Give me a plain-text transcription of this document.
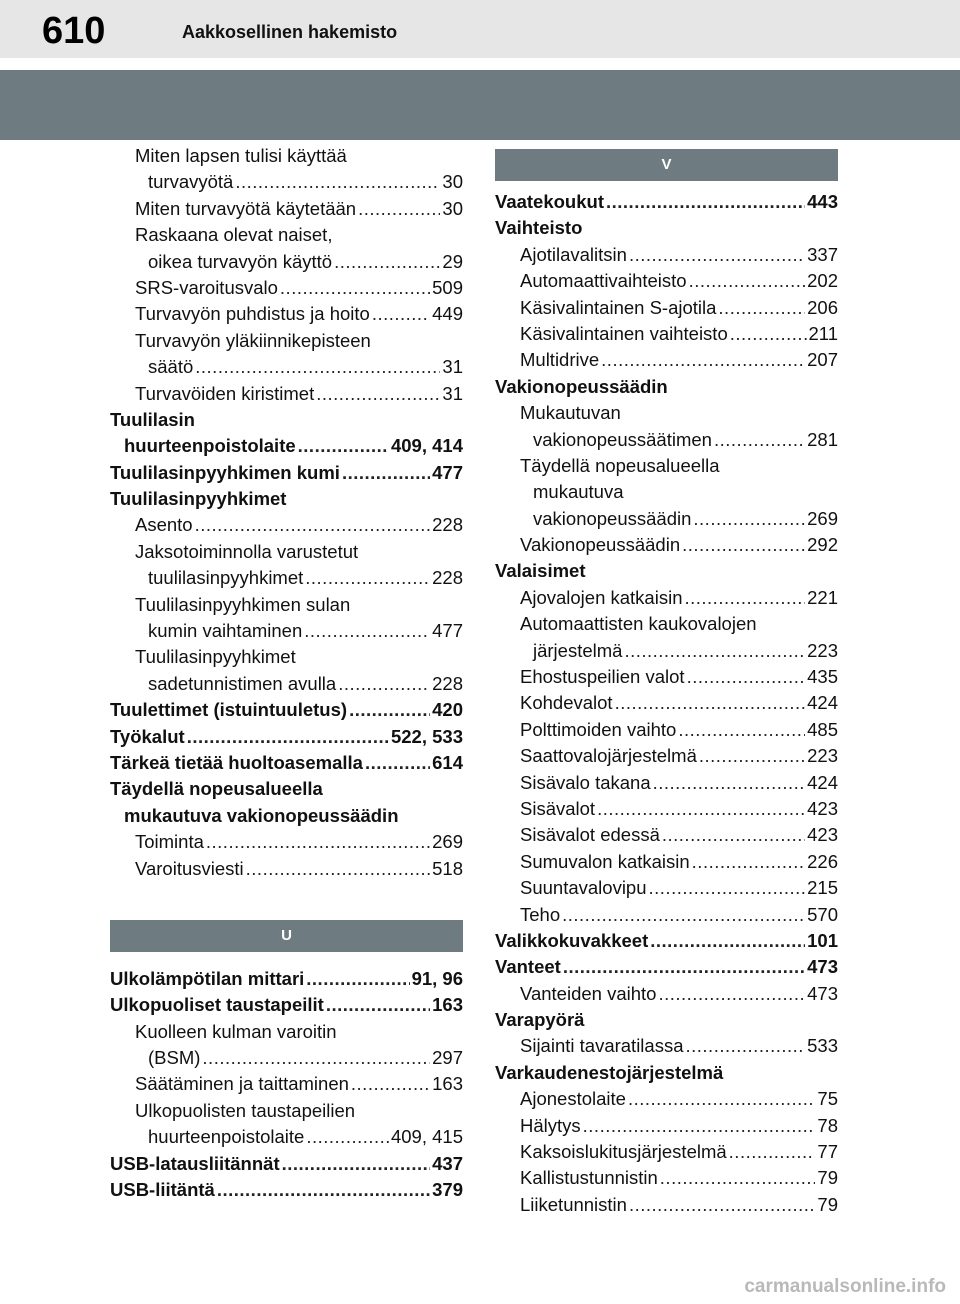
610	Aakkosellinen hakemisto
Miten lapsen tulisi käyttää
turvavyötä .....	30
Miten turvavyötä käytetään .....	30
Raskaana olevat naiset,
oikea turvavyön käyttö .....	29
SRS-varoitusvalo .....	509
Turvavyön puhdistus ja hoito .....	449
Turvavyön yläkiinnikepisteen
säätö .....	31
Turvavöiden kiristimet .....	31
Tuulilasin
huurteenpoistolaite .....	409, 414
Tuulilasinpyyhkimen kumi .....	477
Tuulilasinpyyhkimet
Asento .....	228
Jaksotoiminnolla varustetut
tuulilasinpyyhkimet .....	228
Tuulilasinpyyhkimen sulan
kumin vaihtaminen .....	477
Tuulilasinpyyhkimet
sadetunnistimen avulla .....	228
Tuulettimet (istuintuuletus) .....	420
Työkalut .....	522, 533
Tärkeä tietää huoltoasemalla .....	614
Täydellä nopeusalueella
mukautuva vakionopeussäädin
Toiminta .....	269
Varoitusviesti .....	518
U
Ulkolämpötilan mittari .....	91, 96
Ulkopuoliset taustapeilit .....	163
Kuolleen kulman varoitin
(BSM) .....	297
Säätäminen ja taittaminen .....	163
Ulkopuolisten taustapeilien
huurteenpoistolaite .....	409, 415
USB-latausliitännät .....	437
USB-liitäntä .....	379
V
Vaatekoukut .....	443
Vaihteisto
Ajotilavalitsin .....	337
Automaattivaihteisto .....	202
Käsivalintainen S-ajotila .....	206
Käsivalintainen vaihteisto .....	211
Multidrive .....	207
Vakionopeussäädin
Mukautuvan
vakionopeussäätimen .....	281
Täydellä nopeusalueella
mukautuva
vakionopeussäädin .....	269
Vakionopeussäädin .....	292
Valaisimet
Ajovalojen katkaisin .....	221
Automaattisten kaukovalojen
järjestelmä .....	223
Ehostuspeilien valot .....	435
Kohdevalot .....	424
Polttimoiden vaihto .....	485
Saattovalojärjestelmä .....	223
Sisävalo takana .....	424
Sisävalot .....	423
Sisävalot edessä .....	423
Sumuvalon katkaisin .....	226
Suuntavalovipu .....	215
Teho .....	570
Valikkokuvakkeet .....	101
Vanteet .....	473
Vanteiden vaihto .....	473
Varapyörä
Sijainti tavaratilassa .....	533
Varkaudenestojärjestelmä
Ajonestolaite .....	75
Hälytys .....	78
Kaksoislukitusjärjestelmä .....	77
Kallistustunnistin .....	79
Liiketunnistin .....	79
carmanualsonline.info
